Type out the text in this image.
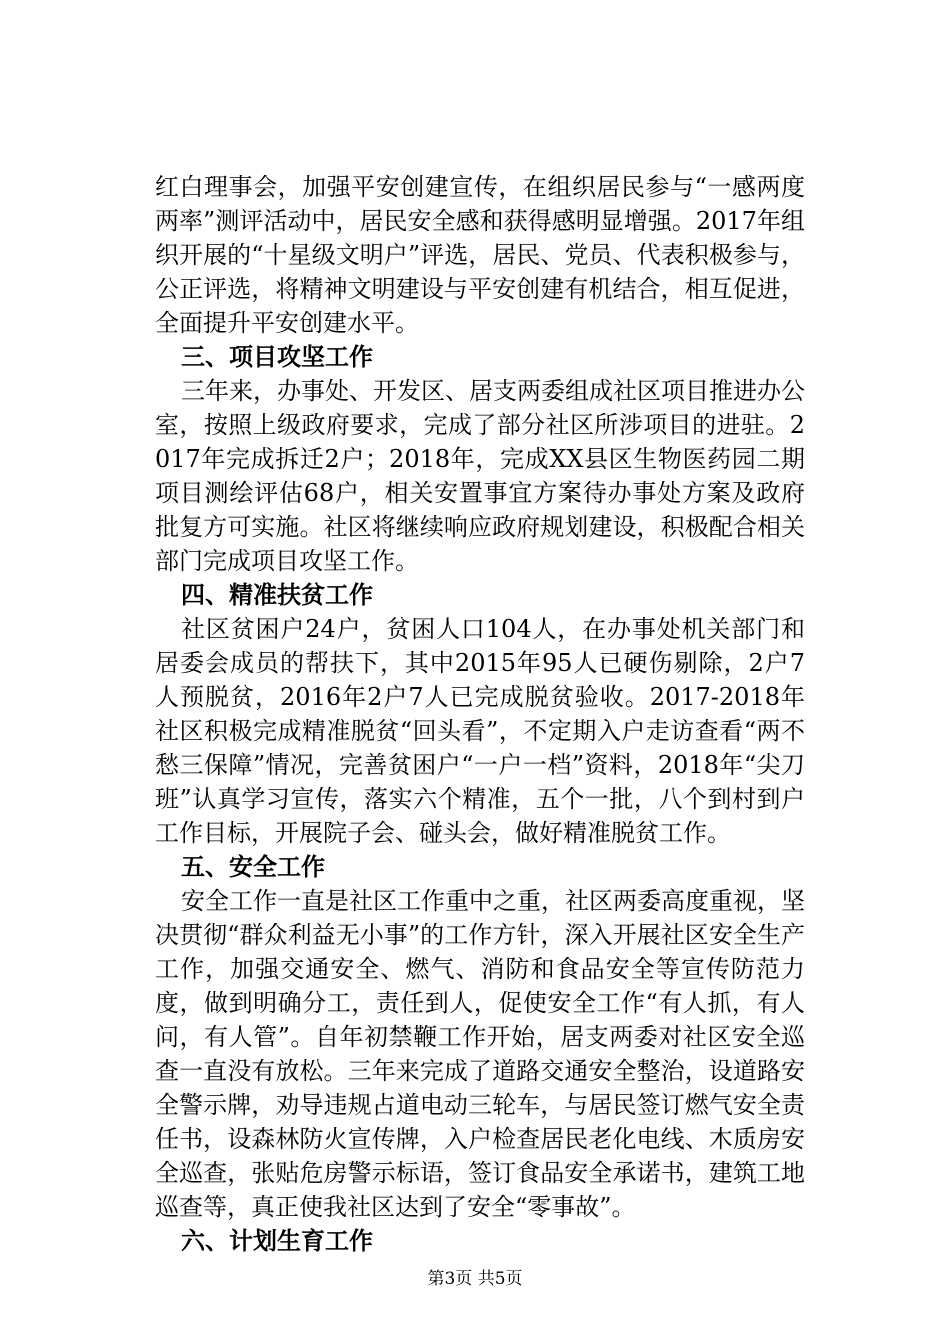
红白理事会，加强平安创建宣传，在组织居民参与“一感两度两率”测评活动中，居民安全感和获得感明显增强。2017年组织开展的“十星级文明户”评选，居民、党员、代表积极参与，公正评选，将精神文明建设与平安创建有机结合，相互促进，全面提升平安创建水平。

三、项目攻坚工作

三年来，办事处、开发区、居支两委组成社区项目推进办公室，按照上级政府要求，完成了部分社区所涉项目的进驻。2017年完成拆迁2户；2018年，完成XX县区生物医药园二期项目测绘评估68户，相关安置事宜方案待办事处方案及政府批复方可实施。社区将继续响应政府规划建设，积极配合相关部门完成项目攻坚工作。

四、精准扶贫工作

社区贫困户24户，贫困人口104人，在办事处机关部门和居委会成员的帮扶下，其中2015年95人已硬伤剔除，2户7人预脱贫，2016年2户7人已完成脱贫验收。2017-2018年社区积极完成精准脱贫“回头看”，不定期入户走访查看“两不愁三保障”情况，完善贫困户“一户一档”资料，2018年“尖刀班”认真学习宣传，落实六个精准，五个一批，八个到村到户工作目标，开展院子会、碰头会，做好精准脱贫工作。

五、安全工作

安全工作一直是社区工作重中之重，社区两委高度重视，坚决贯彻“群众利益无小事”的工作方针，深入开展社区安全生产工作，加强交通安全、燃气、消防和食品安全等宣传防范力度，做到明确分工，责任到人，促使安全工作“有人抓，有人问，有人管”。自年初禁鞭工作开始，居支两委对社区安全巡查一直没有放松。三年来完成了道路交通安全整治，设道路安全警示牌，劝导违规占道电动三轮车，与居民签订燃气安全责任书，设森林防火宣传牌，入户检查居民老化电线、木质房安全巡查，张贴危房警示标语，签订食品安全承诺书，建筑工地巡查等，真正使我社区达到了安全“零事故”。

六、计划生育工作

第3页 共5页
